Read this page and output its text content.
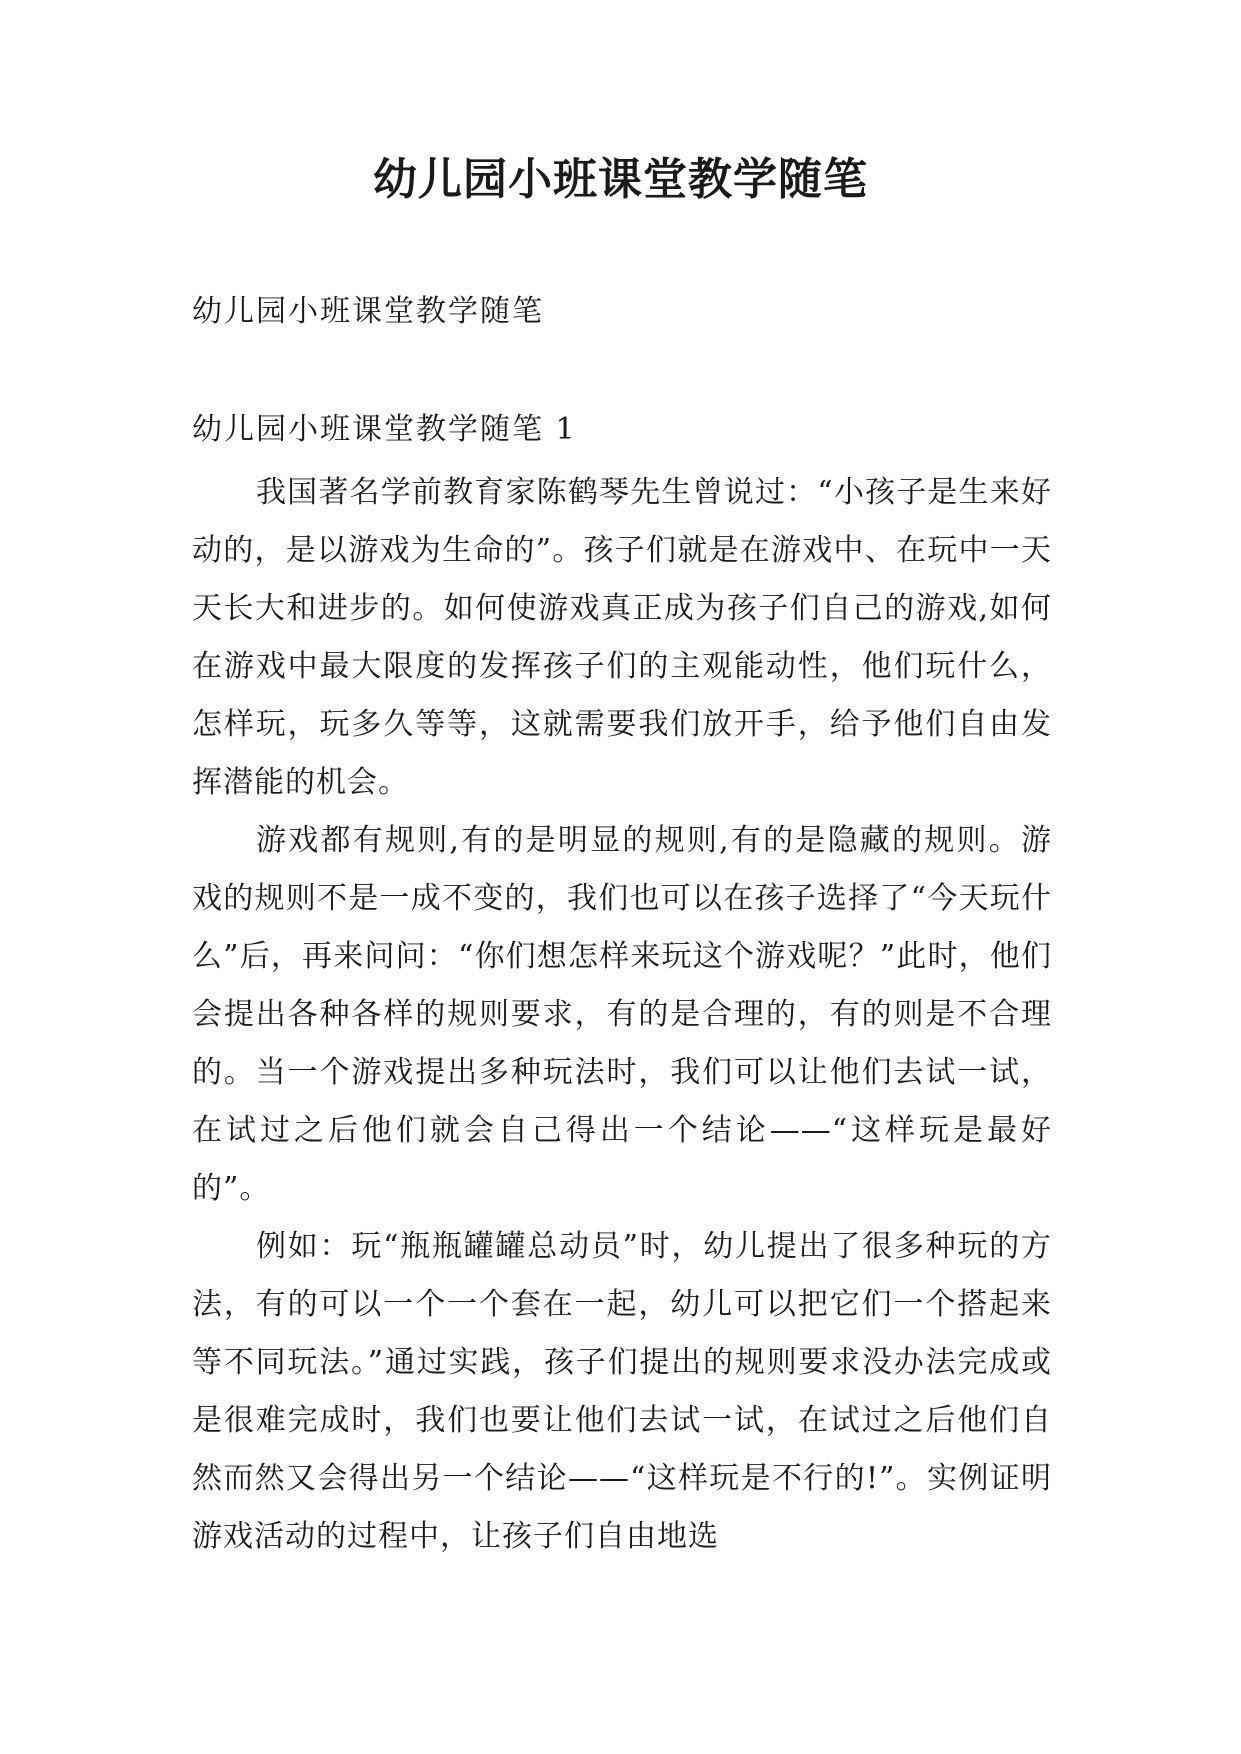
幼儿园小班课堂教学随笔
幼儿园小班课堂教学随笔
幼儿园小班课堂教学随笔 1

我国著名学前教育家陈鹤琴先生曾说过：“小孩子是生来好动的，是以游戏为生命的”。孩子们就是在游戏中、在玩中一天天长大和进步的。如何使游戏真正成为孩子们自己的游戏,如何在游戏中最大限度的发挥孩子们的主观能动性，他们玩什么，怎样玩，玩多久等等，这就需要我们放开手，给予他们自由发挥潜能的机会。

游戏都有规则,有的是明显的规则,有的是隐藏的规则。游戏的规则不是一成不变的，我们也可以在孩子选择了“今天玩什么”后，再来问问：“你们想怎样来玩这个游戏呢？”此时，他们会提出各种各样的规则要求，有的是合理的，有的则是不合理的。当一个游戏提出多种玩法时，我们可以让他们去试一试，在试过之后他们就会自己得出一个结论——“这样玩是最好的”。

例如：玩“瓶瓶罐罐总动员”时，幼儿提出了很多种玩的方法，有的可以一个一个套在一起，幼儿可以把它们一个搭起来等不同玩法。”通过实践，孩子们提出的规则要求没办法完成或是很难完成时，我们也要让他们去试一试，在试过之后他们自然而然又会得出另一个结论——“这样玩是不行的!”。实例证明游戏活动的过程中，让孩子们自由地选
